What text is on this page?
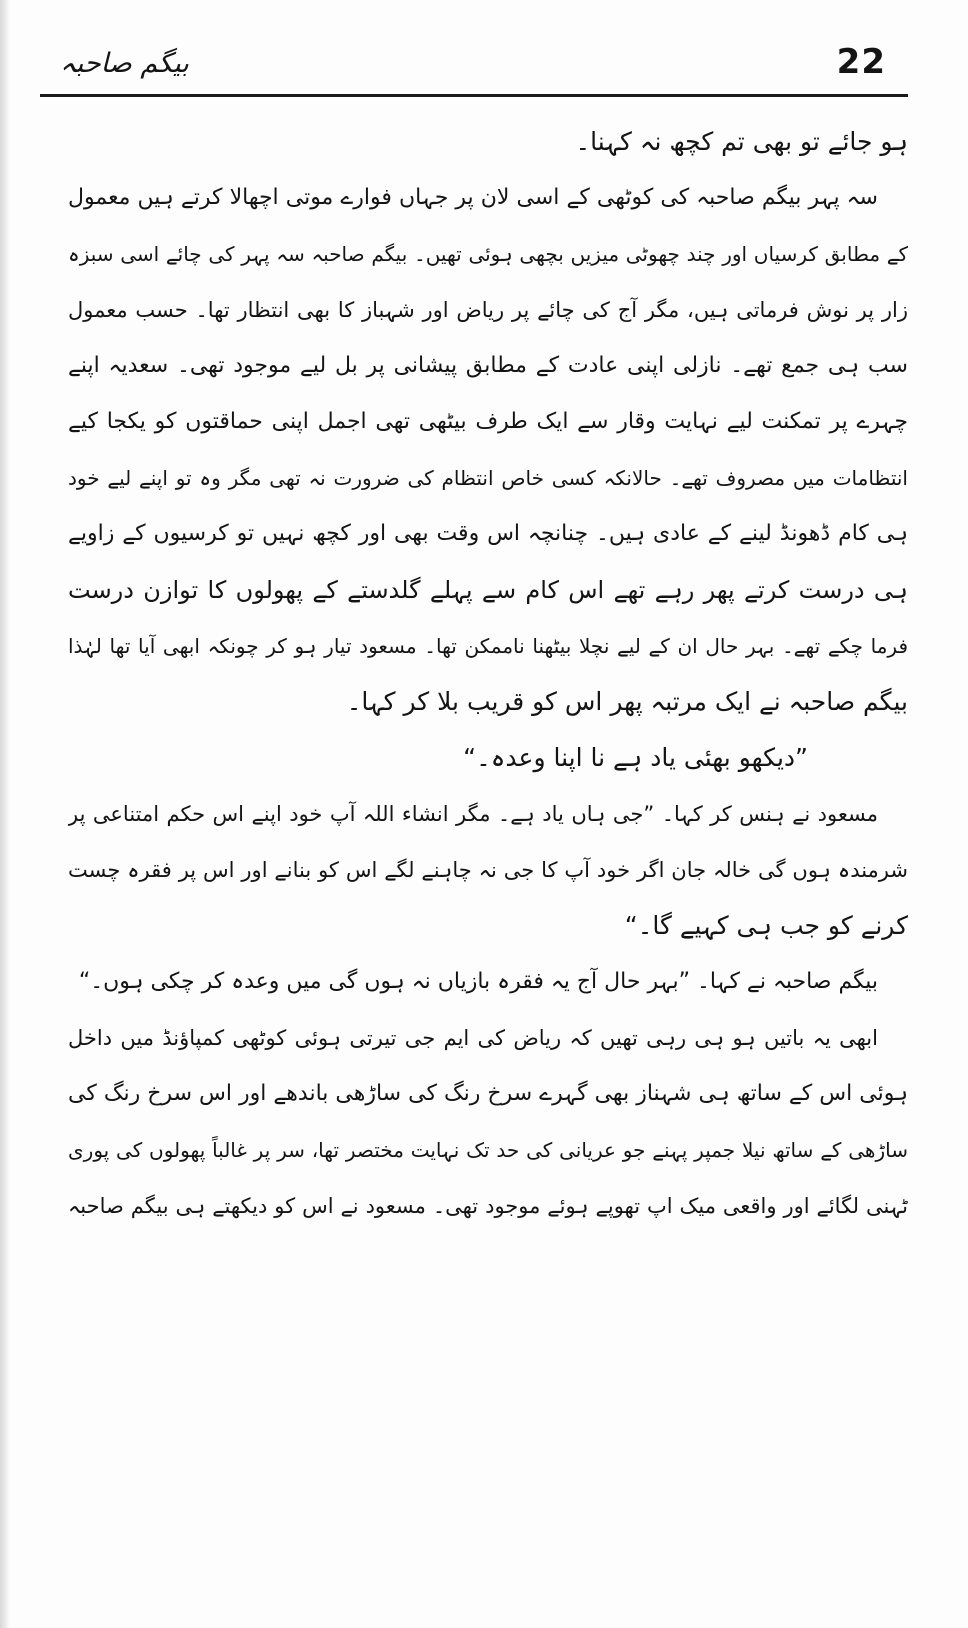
بیگم صاحبہ	22
ہو جائے تو بھی تم کچھ نہ کہنا۔
سہ پہر بیگم صاحبہ کی کوٹھی کے اسی لان پر جہاں فوارے موتی اچھالا کرتے ہیں معمول
کے مطابق کرسیاں اور چند چھوٹی میزیں بچھی ہوئی تھیں۔ بیگم صاحبہ سہ پہر کی چائے اسی سبزہ
زار پر نوش فرماتی ہیں، مگر آج کی چائے پر ریاض اور شہباز کا بھی انتظار تھا۔ حسب معمول
سب ہی جمع تھے۔ نازلی اپنی عادت کے مطابق پیشانی پر بل لیے موجود تھی۔ سعدیہ اپنے
چہرے پر تمکنت لیے نہایت وقار سے ایک طرف بیٹھی تھی اجمل اپنی حماقتوں کو یکجا کیے
انتظامات میں مصروف تھے۔ حالانکہ کسی خاص انتظام کی ضرورت نہ تھی مگر وہ تو اپنے لیے خود
ہی کام ڈھونڈ لینے کے عادی ہیں۔ چنانچہ اس وقت بھی اور کچھ نہیں تو کرسیوں کے زاویے
ہی درست کرتے پھر رہے تھے اس کام سے پہلے گلدستے کے پھولوں کا توازن درست
فرما چکے تھے۔ بہر حال ان کے لیے نچلا بیٹھنا ناممکن تھا۔ مسعود تیار ہو کر چونکہ ابھی آیا تھا لہٰذا
بیگم صاحبہ نے ایک مرتبہ پھر اس کو قریب بلا کر کہا۔
”دیکھو بھئی یاد ہے نا اپنا وعدہ۔“
مسعود نے ہنس کر کہا۔ ”جی ہاں یاد ہے۔ مگر انشاء اللہ آپ خود اپنے اس حکم امتناعی پر
شرمندہ ہوں گی خالہ جان اگر خود آپ کا جی نہ چاہنے لگے اس کو بنانے اور اس پر فقرہ چست
کرنے کو جب ہی کہیے گا۔“
بیگم صاحبہ نے کہا۔ ”بہر حال آج یہ فقرہ بازیاں نہ ہوں گی میں وعدہ کر چکی ہوں۔“
ابھی یہ باتیں ہو ہی رہی تھیں کہ ریاض کی ایم جی تیرتی ہوئی کوٹھی کمپاؤنڈ میں داخل
ہوئی اس کے ساتھ ہی شہناز بھی گہرے سرخ رنگ کی ساڑھی باندھے اور اس سرخ رنگ کی
ساڑھی کے ساتھ نیلا جمپر پہنے جو عریانی کی حد تک نہایت مختصر تھا، سر پر غالباً پھولوں کی پوری
ٹہنی لگائے اور واقعی میک اپ تھوپے ہوئے موجود تھی۔ مسعود نے اس کو دیکھتے ہی بیگم صاحبہ
